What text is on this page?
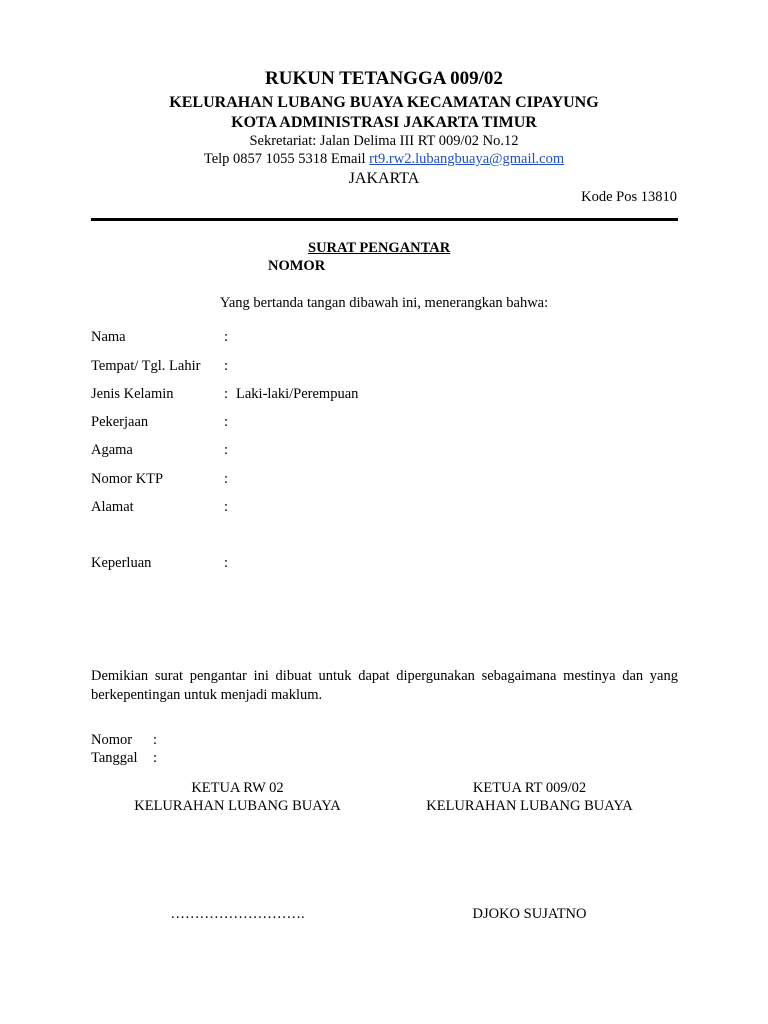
RUKUN TETANGGA 009/02
KELURAHAN LUBANG BUAYA KECAMATAN CIPAYUNG
KOTA ADMINISTRASI JAKARTA TIMUR
Sekretariat: Jalan Delima III RT 009/02 No.12
Telp 0857 1055 5318 Email rt9.rw2.lubangbuaya@gmail.com
JAKARTA
Kode Pos 13810
SURAT PENGANTAR
NOMOR
Yang bertanda tangan dibawah ini, menerangkan bahwa:
Nama	:
Tempat/ Tgl. Lahir :
Jenis Kelamin	: Laki-laki/Perempuan
Pekerjaan	:
Agama	:
Nomor KTP	:
Alamat	:
Keperluan	:
Demikian surat pengantar ini dibuat untuk dapat dipergunakan sebagaimana mestinya dan yang
berkepentingan untuk menjadi maklum.
Nomor :
Tanggal :
KETUA RW 02
KELURAHAN LUBANG BUAYA
……………………….
KETUA RT 009/02
KELURAHAN LUBANG BUAYA
DJOKO SUJATNO
